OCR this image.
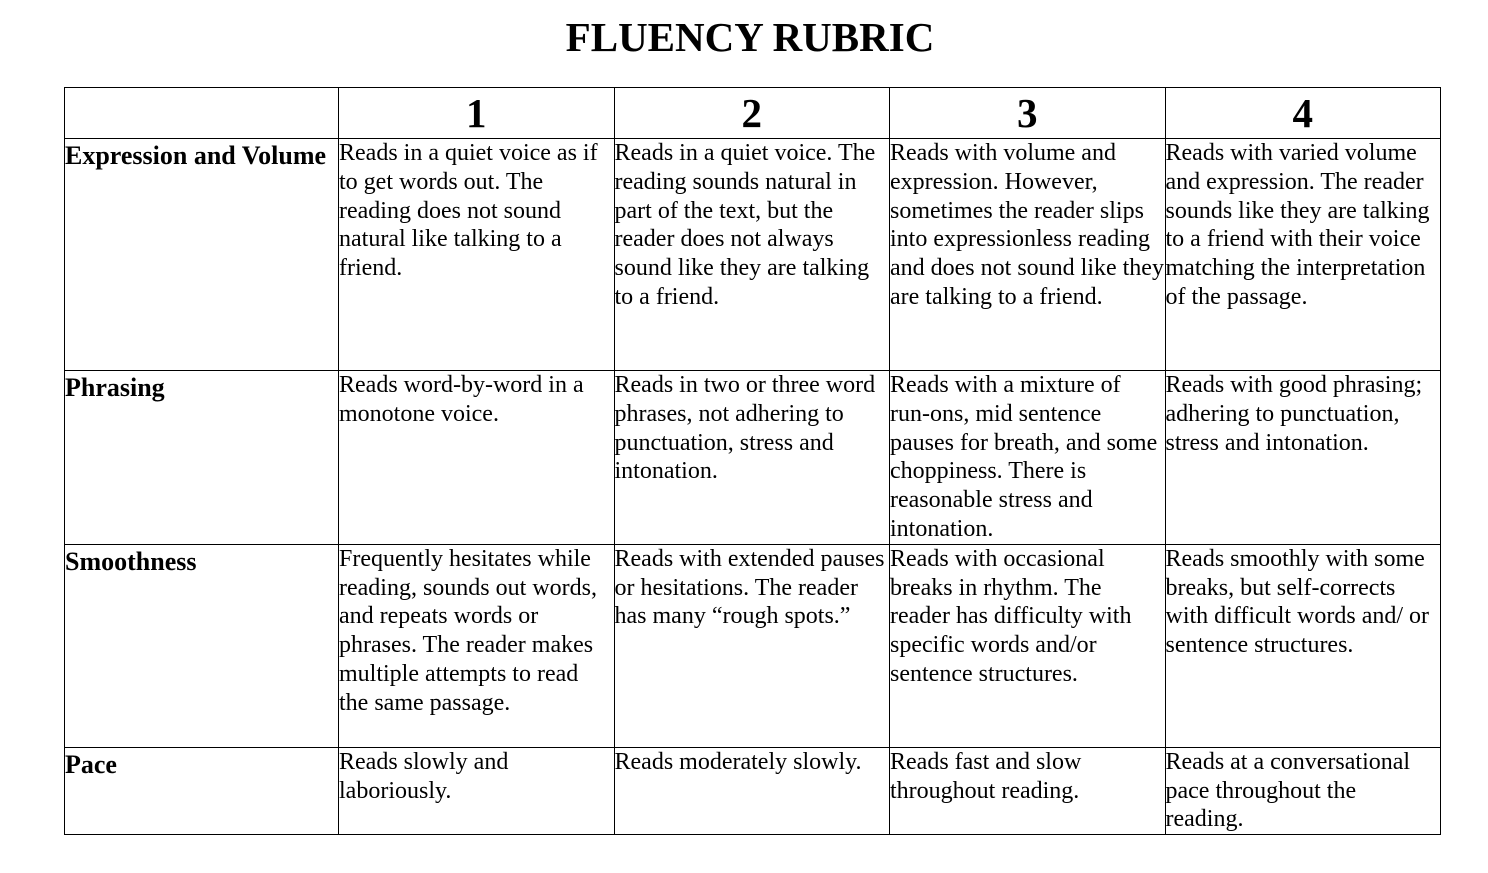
FLUENCY RUBRIC
	1	2	3	4
Expression and Volume	Reads in a quiet voice as if to get words out. The reading does not sound natural like talking to a friend.	Reads in a quiet voice. The reading sounds natural in part of the text, but the reader does not always sound like they are talking to a friend.	Reads with volume and expression. However, sometimes the reader slips into expressionless reading and does not sound like they are talking to a friend.	Reads with varied volume and expression. The reader sounds like they are talking to a friend with their voice matching the interpretation of the passage.
Phrasing	Reads word-by-word in a monotone voice.	Reads in two or three word phrases, not adhering to punctuation, stress and intonation.	Reads with a mixture of run-ons, mid sentence pauses for breath, and some choppiness. There is reasonable stress and intonation.	Reads with good phrasing; adhering to punctuation, stress and intonation.
Smoothness	Frequently hesitates while reading, sounds out words, and repeats words or phrases. The reader makes multiple attempts to read the same passage.	Reads with extended pauses or hesitations. The reader has many “rough spots.”	Reads with occasional breaks in rhythm. The reader has difficulty with specific words and/or sentence structures.	Reads smoothly with some breaks, but self-corrects with difficult words and/ or sentence structures.
Pace	Reads slowly and laboriously.	Reads moderately slowly.	Reads fast and slow throughout reading.	Reads at a conversational pace throughout the reading.
